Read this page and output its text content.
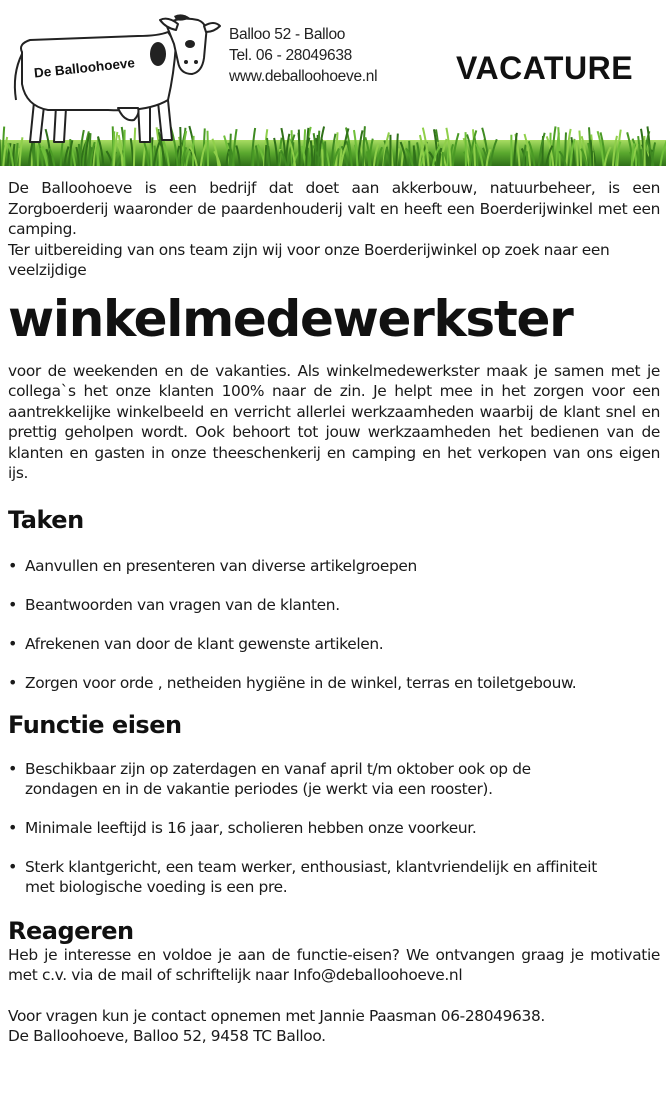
De Balloohoeve
Balloo 52 - Balloo
Tel. 06 - 28049638
www.deballoohoeve.nl VACATURE

De Balloohoeve is een bedrijf dat doet aan akkerbouw, natuurbeheer, is een Zorgboerderij waaronder de paardenhouderij valt en heeft een Boerderijwinkel met een camping.

Ter uitbereiding van ons team zijn wij voor onze Boerderijwinkel op zoek naar een veelzijdige

winkelmedewerkster

voor de weekenden en de vakanties. Als winkelmedewerkster maak je samen met je collega`s het onze klanten 100% naar de zin. Je helpt mee in het zorgen voor een aantrekkelijke winkelbeeld en verricht allerlei werkzaamheden waarbij de klant snel en prettig geholpen wordt. Ook behoort tot jouw werkzaamheden het bedienen van de klanten en gasten in onze theeschenkerij en camping en het verkopen van ons eigen ijs.

Taken
• Aanvullen en presenteren van diverse artikelgroepen
• Beantwoorden van vragen van de klanten.
• Afrekenen van door de klant gewenste artikelen.
• Zorgen voor orde , netheiden hygiëne in de winkel, terras en toiletgebouw.
Functie eisen
• Beschikbaar zijn op zaterdagen en vanaf april t/m oktober ook op de zondagen en in de vakantie periodes (je werkt via een rooster).
• Minimale leeftijd is 16 jaar, scholieren hebben onze voorkeur.
• Sterk klantgericht, een team werker, enthousiast, klantvriendelijk en affiniteit met biologische voeding is een pre.
Reageren

Heb je interesse en voldoe je aan de functie-eisen? We ontvangen graag je motivatie met c.v. via de mail of schriftelijk naar Info@deballoohoeve.nl

Voor vragen kun je contact opnemen met Jannie Paasman 06-28049638.

De Balloohoeve, Balloo 52, 9458 TC Balloo.
